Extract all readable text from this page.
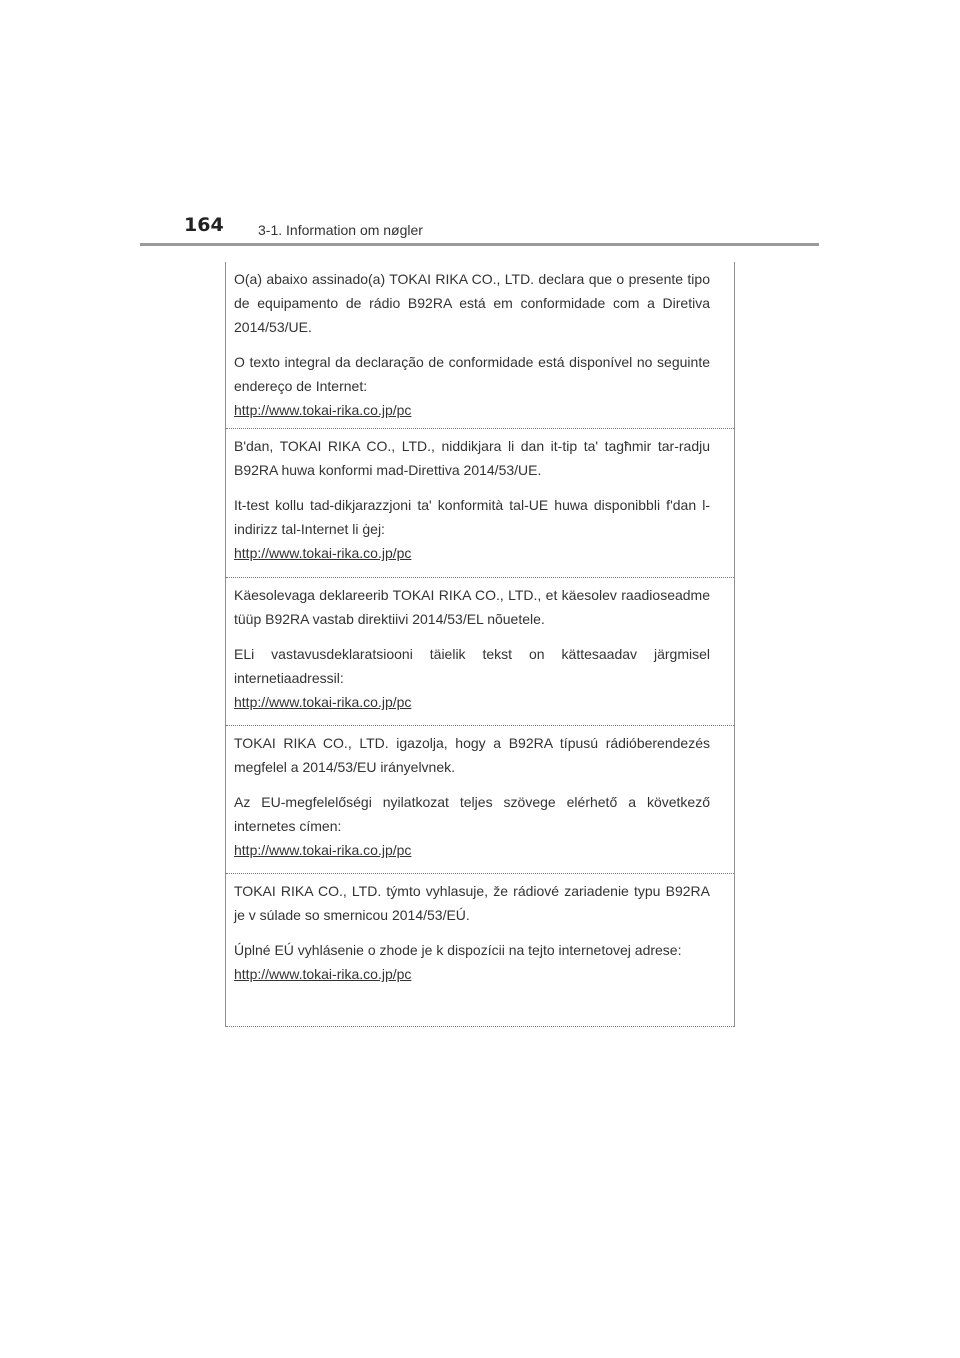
164 3-1. Information om nøgler

O(a) abaixo assinado(a) TOKAI RIKA CO., LTD. declara que o presente tipo de equipamento de rádio B92RA está em conformidade com a Diretiva 2014/53/UE.

O texto integral da declaração de conformidade está disponível no seguinte endereço de Internet:

http://www.tokai-rika.co.jp/pc

B'dan, TOKAI RIKA CO., LTD., niddikjara li dan it-tip ta' tagħmir tar-radju B92RA huwa konformi mad-Direttiva 2014/53/UE.

It-test kollu tad-dikjarazzjoni ta' konformità tal-UE huwa disponibbli f'dan l-indirizz tal-Internet li ġej:

http://www.tokai-rika.co.jp/pc

Käesolevaga deklareerib TOKAI RIKA CO., LTD., et käesolev raadioseadme tüüp B92RA vastab direktiivi 2014/53/EL nõuetele.

ELi vastavusdeklaratsiooni täielik tekst on kättesaadav järgmisel internetiaadressil:

http://www.tokai-rika.co.jp/pc

TOKAI RIKA CO., LTD. igazolja, hogy a B92RA típusú rádióberendezés megfelel a 2014/53/EU irányelvnek.

Az EU-megfelelőségi nyilatkozat teljes szövege elérhető a következő internetes címen:

http://www.tokai-rika.co.jp/pc

TOKAI RIKA CO., LTD. týmto vyhlasuje, že rádiové zariadenie typu B92RA je v súlade so smernicou 2014/53/EÚ.

Úplné EÚ vyhlásenie o zhode je k dispozícii na tejto internetovej adrese:

http://www.tokai-rika.co.jp/pc
